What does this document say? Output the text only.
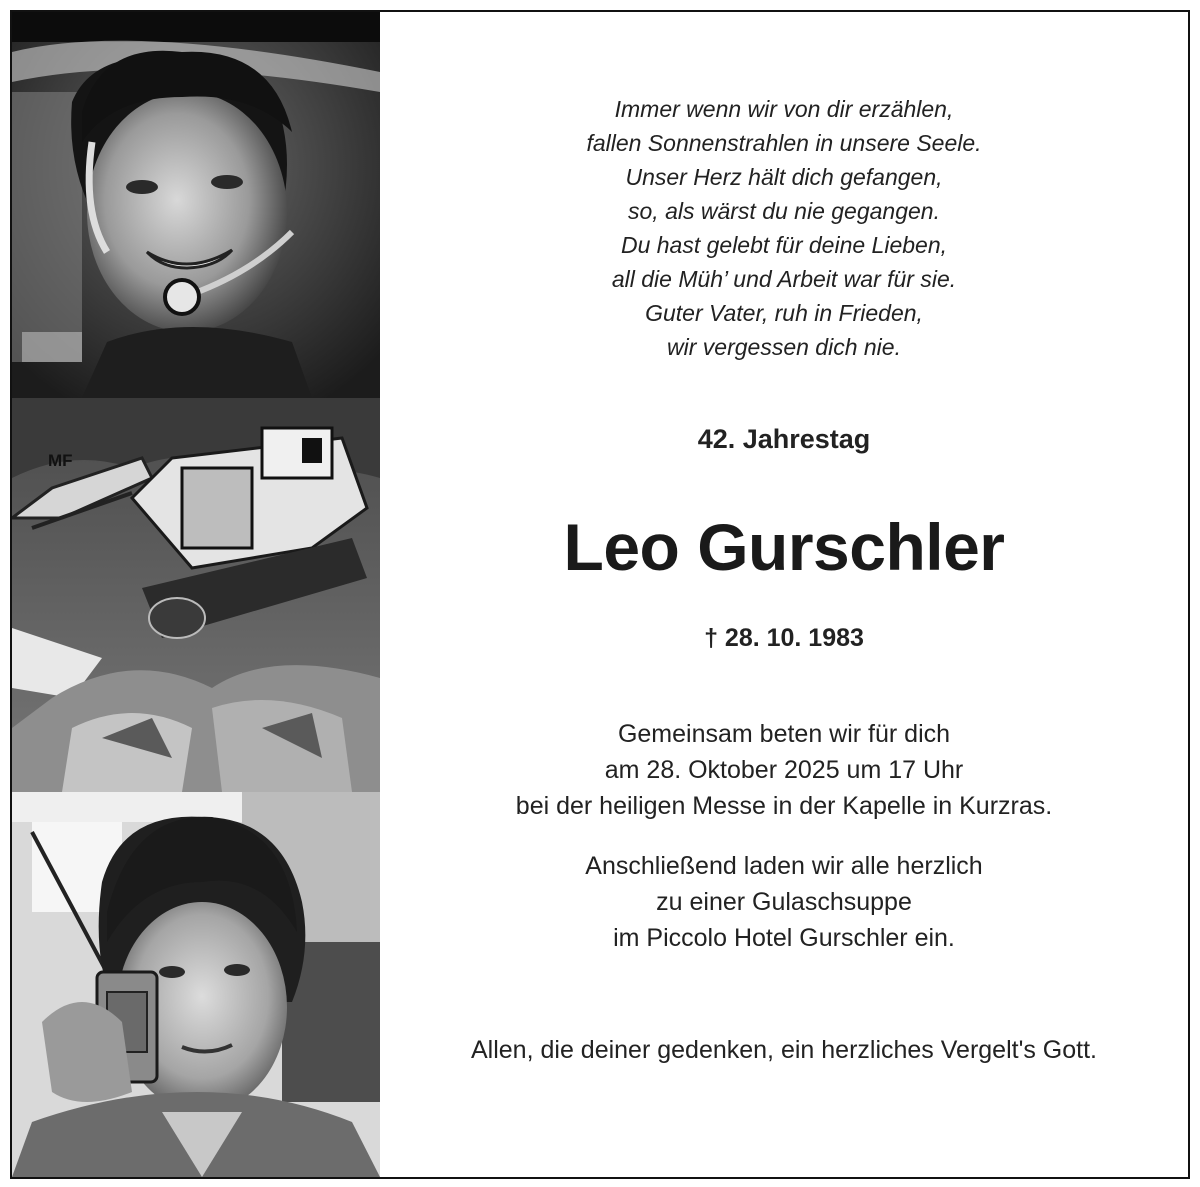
MF
Immer wenn wir von dir erzählen,
fallen Sonnenstrahlen in unsere Seele.
Unser Herz hält dich gefangen,
so, als wärst du nie gegangen.
Du hast gelebt für deine Lieben,
all die Müh’ und Arbeit war für sie.
Guter Vater, ruh in Frieden,
wir vergessen dich nie.
42. Jahrestag
Leo Gurschler
† 28. 10. 1983
Gemeinsam beten wir für dich
am 28. Oktober 2025 um 17 Uhr
bei der heiligen Messe in der Kapelle in Kurzras.
Anschließend laden wir alle herzlich
zu einer Gulaschsuppe
im Piccolo Hotel Gurschler ein.
Allen, die deiner gedenken, ein herzliches Vergelt's Gott.
